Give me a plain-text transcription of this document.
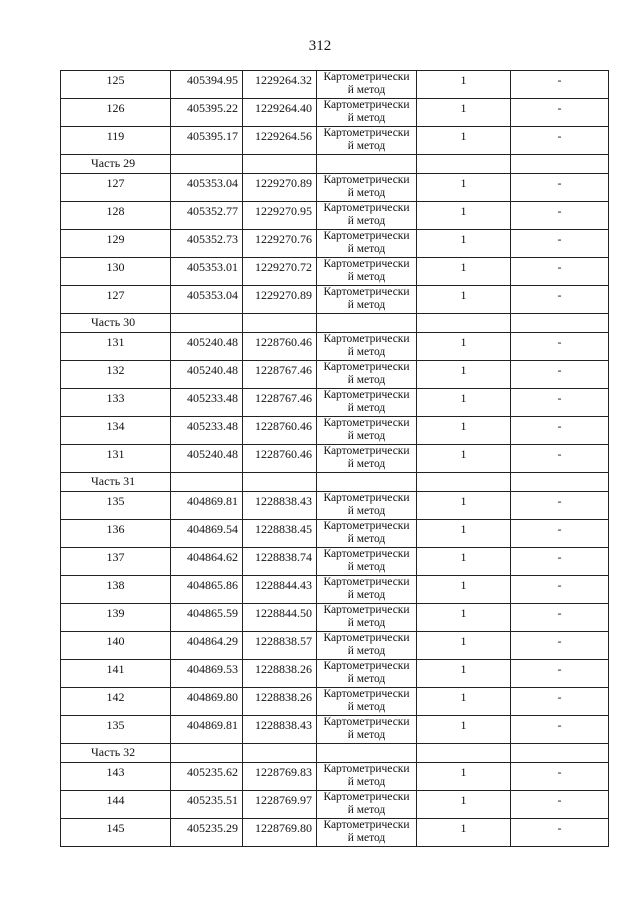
312
125	405394.95	1229264.32	Картометрически
й метод	1	-
126	405395.22	1229264.40	Картометрически
й метод	1	-
119	405395.17	1229264.56	Картометрически
й метод	1	-
Часть 29					
127	405353.04	1229270.89	Картометрически
й метод	1	-
128	405352.77	1229270.95	Картометрически
й метод	1	-
129	405352.73	1229270.76	Картометрически
й метод	1	-
130	405353.01	1229270.72	Картометрически
й метод	1	-
127	405353.04	1229270.89	Картометрически
й метод	1	-
Часть 30					
131	405240.48	1228760.46	Картометрически
й метод	1	-
132	405240.48	1228767.46	Картометрически
й метод	1	-
133	405233.48	1228767.46	Картометрически
й метод	1	-
134	405233.48	1228760.46	Картометрически
й метод	1	-
131	405240.48	1228760.46	Картометрически
й метод	1	-
Часть 31					
135	404869.81	1228838.43	Картометрически
й метод	1	-
136	404869.54	1228838.45	Картометрически
й метод	1	-
137	404864.62	1228838.74	Картометрически
й метод	1	-
138	404865.86	1228844.43	Картометрически
й метод	1	-
139	404865.59	1228844.50	Картометрически
й метод	1	-
140	404864.29	1228838.57	Картометрически
й метод	1	-
141	404869.53	1228838.26	Картометрически
й метод	1	-
142	404869.80	1228838.26	Картометрически
й метод	1	-
135	404869.81	1228838.43	Картометрически
й метод	1	-
Часть 32					
143	405235.62	1228769.83	Картометрически
й метод	1	-
144	405235.51	1228769.97	Картометрически
й метод	1	-
145	405235.29	1228769.80	Картометрически
й метод	1	-
